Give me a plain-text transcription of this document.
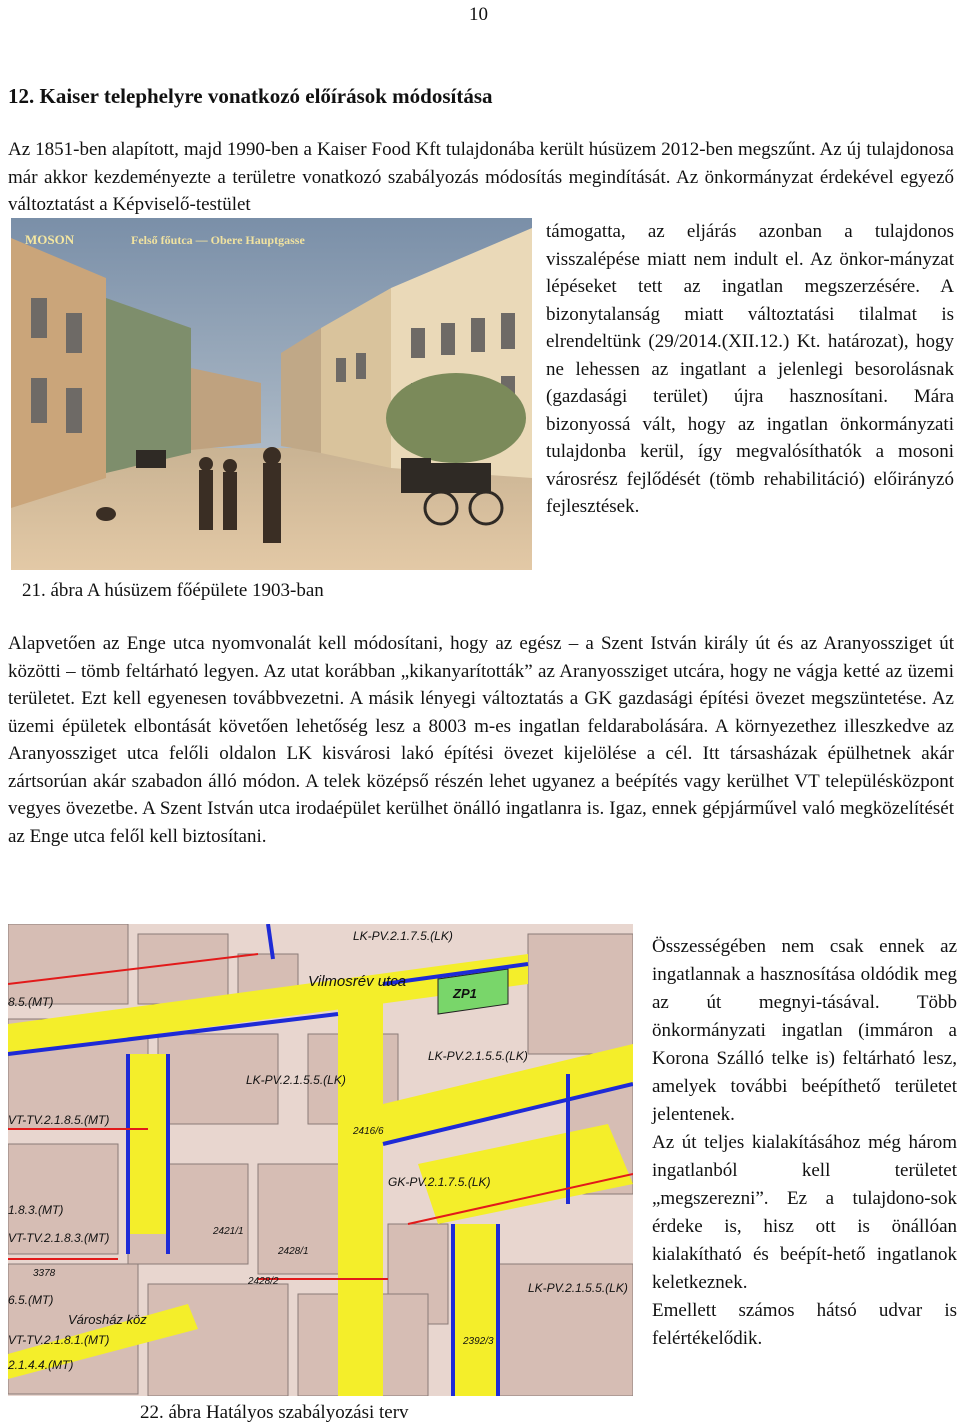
10
12. Kaiser telephelyre vonatkozó előírások módosítása
Az 1851-ben alapított, majd 1990-ben a Kaiser Food Kft tulajdonába került húsüzem 2012-ben megszűnt. Az új tulajdonosa már akkor kezdeményezte a területre vonatkozó szabályozás módosítás megindítását. Az önkormányzat érdekével egyező változtatást a Képviselő-testület
MOSON	Felső főutca — Obere Hauptgasse
21. ábra A húsüzem főépülete 1903-ban
támogatta, az eljárás azonban a tulajdonos visszalépése miatt nem indult el. Az önkor-mányzat lépéseket tett az ingatlan megszerzésére. A bizonytalanság miatt változtatási tilalmat is elrendeltünk (29/2014.(XII.12.) Kt. határozat), hogy ne lehessen az ingatlant a jelenlegi besorolásnak (gazdasági terület) újra hasznosítani. Mára bizonyossá vált, hogy az ingatlan önkormányzati tulajdonba kerül, így megvalósíthatók a mosoni városrész fejlődését (tömb rehabilitáció) előirányzó fejlesztések.
Alapvetően az Enge utca nyomvonalát kell módosítani, hogy az egész – a Szent István király út és az Aranyossziget út közötti – tömb feltárható legyen. Az utat korábban „kikanyarították” az Aranyossziget utcára, hogy ne vágja ketté az üzemi területet. Ezt kell egyenesen továbbvezetni. A másik lényegi változtatás a GK gazdasági építési övezet megszüntetése. Az üzemi épületek elbontását követően lehetőség lesz a 8003 m-es ingatlan feldarabolására. A környezethez illeszkedve az Aranyossziget utca felőli oldalon LK kisvárosi lakó építési övezet kijelölése a cél. Itt társasházak épülhetnek akár zártsorúan akár szabadon álló módon. A telek középső részén lehet ugyanez a beépítés vagy kerülhet VT településközpont vegyes övezetbe. A Szent István utca irodaépület kerülhet önálló ingatlanra is. Igaz, ennek gépjárművel való megközelítését az Enge utca felől kell biztosítani.
LK-PV.2.1.7.5.(LK)
Vilmosrév utca
ZP1
LK-PV.2.1.5.5.(LK)
LK-PV.2.1.5.5.(LK)
GK-PV.2.1.7.5.(LK)
LK-PV.2.1.5.5.(LK)
VT-TV.2.1.8.5.(MT)
VT-TV.2.1.8.3.(MT)
VT-TV.2.1.8.1.(MT)
8.5.(MT)
6.5.(MT)
1.8.3.(MT)
2.1.4.4.(MT)
Városház köz
2416/6
2421/1
2428/1
2428/2
3378
2392/3
22. ábra Hatályos szabályozási terv

Összességében nem csak ennek az ingatlannak a hasznosítása oldódik meg az út megnyi-tásával. Több önkormányzati ingatlan (immáron a Korona Szálló telke is) feltárható lesz, amelyek további beépíthető területet jelentenek.

Az út teljes kialakításához még három ingatlanból kell területet „megszerezni”. Ez a tulajdono-sok érdeke is, hisz ott is önállóan kialakítható és beépít-hető ingatlanok keletkeznek.

Emellett számos hátsó udvar is felértékelődik.
